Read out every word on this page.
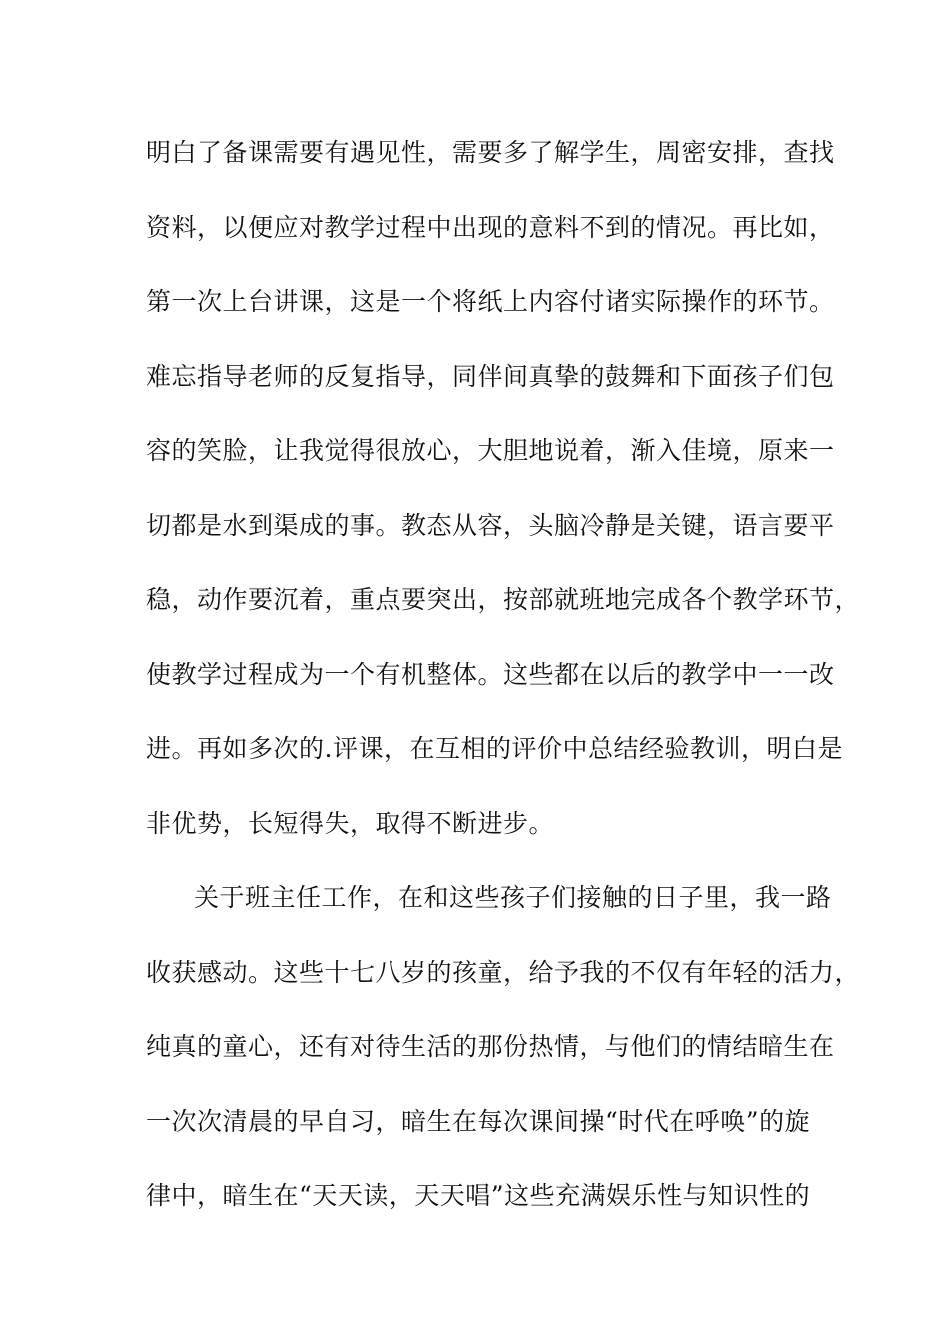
明白了备课需要有遇见性，需要多了解学生，周密安排，查找
资料，以便应对教学过程中出现的意料不到的情况。再比如，
第一次上台讲课，这是一个将纸上内容付诸实际操作的环节。
难忘指导老师的反复指导，同伴间真挚的鼓舞和下面孩子们包
容的笑脸，让我觉得很放心，大胆地说着，渐入佳境，原来一
切都是水到渠成的事。教态从容，头脑冷静是关键，语言要平
稳，动作要沉着，重点要突出，按部就班地完成各个教学环节，
使教学过程成为一个有机整体。这些都在以后的教学中一一改
进。再如多次的.评课，在互相的评价中总结经验教训，明白是
非优势，长短得失，取得不断进步。
关于班主任工作，在和这些孩子们接触的日子里，我一路
收获感动。这些十七八岁的孩童，给予我的不仅有年轻的活力，
纯真的童心，还有对待生活的那份热情，与他们的情结暗生在
一次次清晨的早自习，暗生在每次课间操“时代在呼唤”的旋
律中，暗生在“天天读，天天唱”这些充满娱乐性与知识性的
